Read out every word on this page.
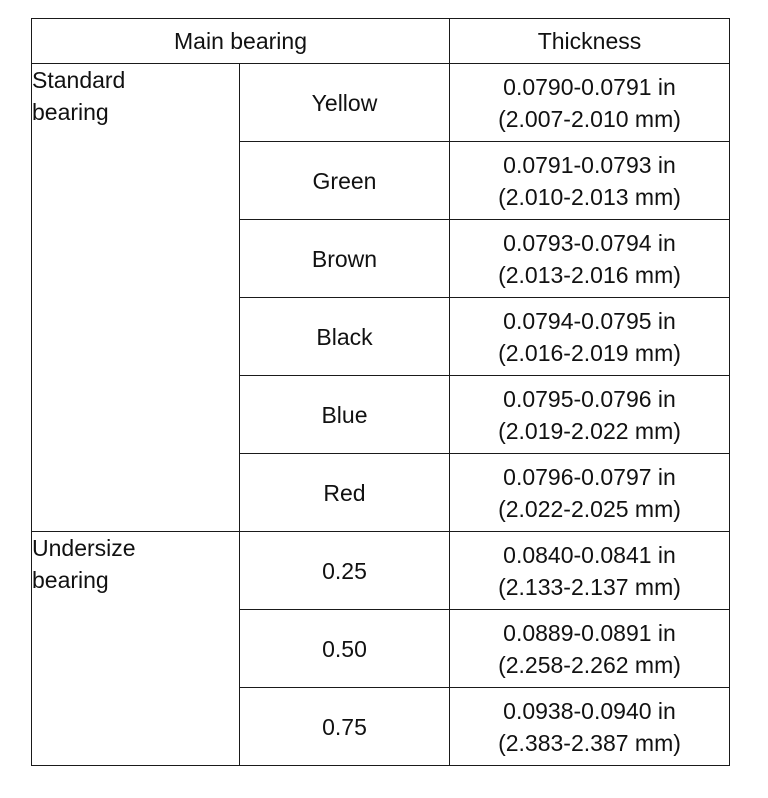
Main bearing		Thickness
Standard
bearing	Yellow	0.0790-0.0791 in
(2.007-2.010 mm)

	Green	0.0791-0.0793 in
(2.010-2.013 mm)

	Brown	0.0793-0.0794 in
(2.013-2.016 mm)

	Black	0.0794-0.0795 in
(2.016-2.019 mm)

	Blue	0.0795-0.0796 in
(2.019-2.022 mm)

	Red	0.0796-0.0797 in
(2.022-2.025 mm)

Undersize
bearing	0.25	0.0840-0.0841 in
(2.133-2.137 mm)

	0.50	0.0889-0.0891 in
(2.258-2.262 mm)

	0.75	0.0938-0.0940 in
(2.383-2.387 mm)
